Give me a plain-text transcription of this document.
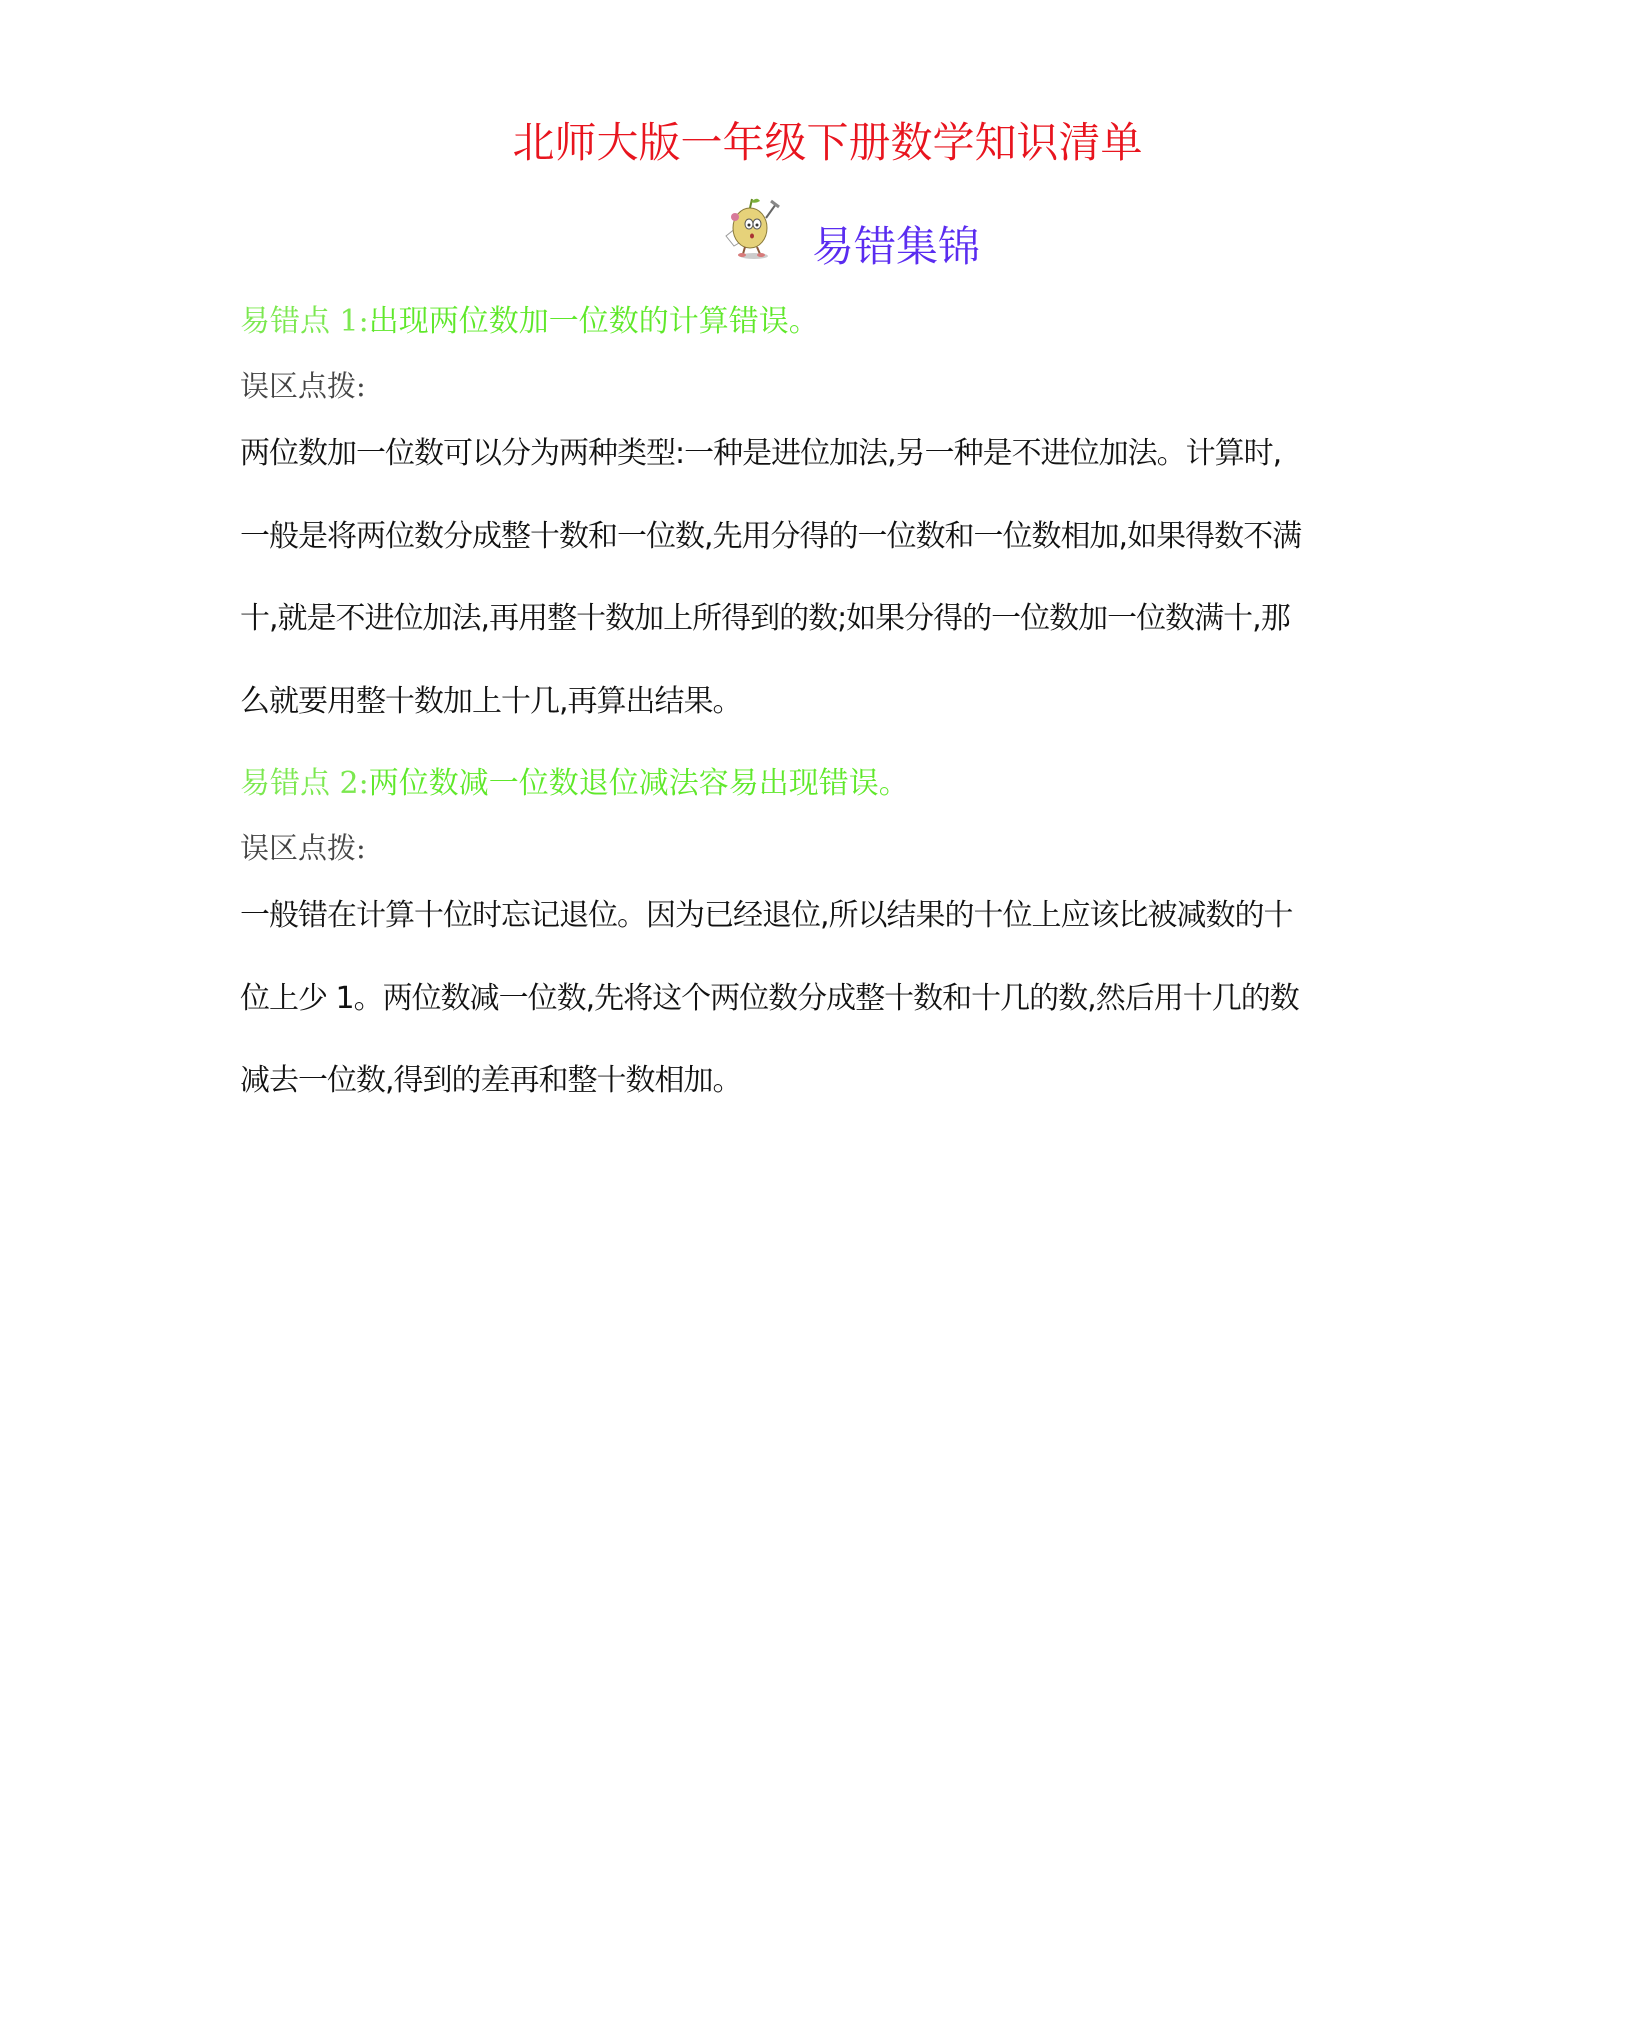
北师大版一年级下册数学知识清单
易错集锦
易错点 1:出现两位数加一位数的计算错误。
误区点拨:
两位数加一位数可以分为两种类型:一种是进位加法,另一种是不进位加法。计算时,
一般是将两位数分成整十数和一位数,先用分得的一位数和一位数相加,如果得数不满
十,就是不进位加法,再用整十数加上所得到的数;如果分得的一位数加一位数满十,那
么就要用整十数加上十几,再算出结果。
易错点 2:两位数减一位数退位减法容易出现错误。
误区点拨:
一般错在计算十位时忘记退位。因为已经退位,所以结果的十位上应该比被减数的十
位上少 1。两位数减一位数,先将这个两位数分成整十数和十几的数,然后用十几的数
减去一位数,得到的差再和整十数相加。
